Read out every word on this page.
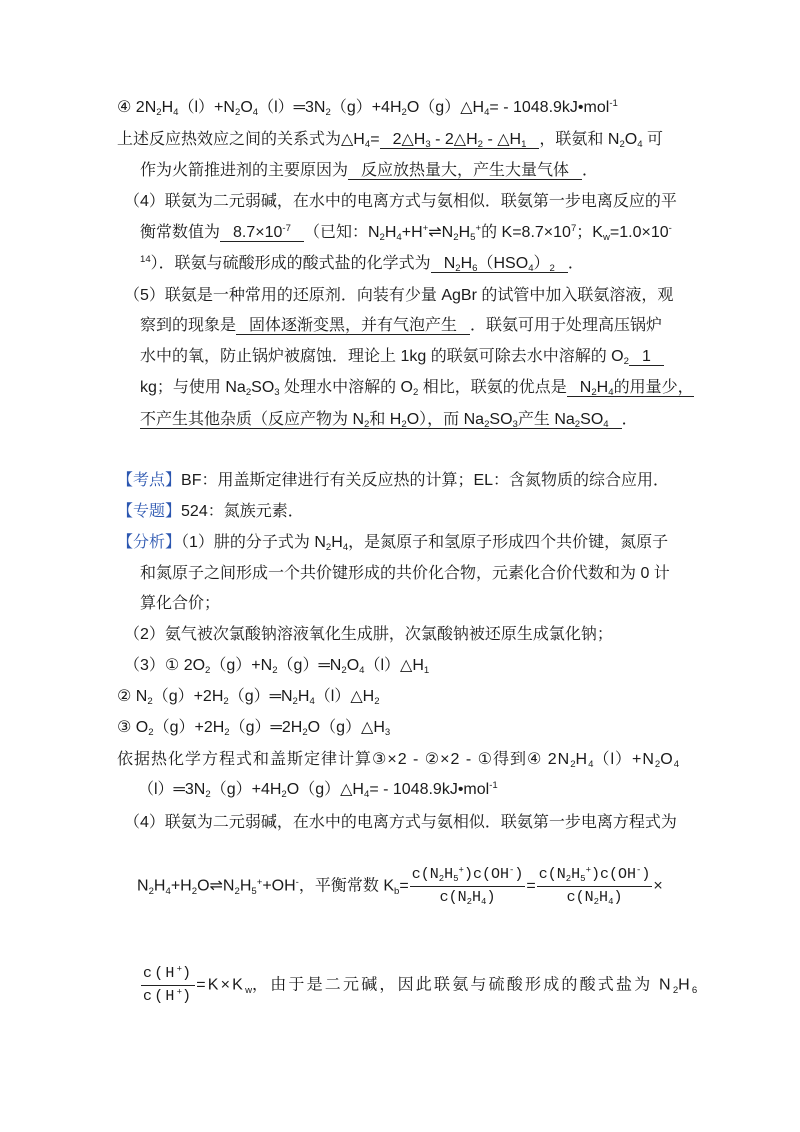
④ $2N_2H_4(l)+N_2O_4(l)═3N_2(g)+4H_2O(g)\triangle H_4=$ - 1048.9kJ•mol$^{-1}$
上述反应热效应之间的关系式为$\triangle H_4=$ $2\triangle H_3$ - $2\triangle H_2$ - $\triangle H_1$ ，联氨和 $N_2O_4$ 可
作为火箭推进剂的主要原因为 反应放热量大，产生大量气体 ．
（4）联氨为二元弱碱，在水中的电离方式与氨相似．联氨第一步电离反应的平
衡常数值为 $8.7\times 10^{-7}$ （已知：$N_2H_4+H^+\rightleftharpoons N_2H_5^+$的 $K=8.7\times 10^7$；$K_w=1.0\times 10^-$
$^{14}$）．联氨与硫酸形成的酸式盐的化学式为 $N_2H_6(HSO_4)_2$ ．
（5）联氨是一种常用的还原剂．向装有少量 AgBr 的试管中加入联氨溶液，观
察到的现象是 固体逐渐变黑，并有气泡产生 ．联氨可用于处理高压锅炉
水中的氧，防止锅炉被腐蚀．理论上 1kg 的联氨可除去水中溶解的 $O_2$ 1
kg；与使用 $Na_2SO_3$ 处理水中溶解的 $O_2$ 相比，联氨的优点是 $N_2H_4$的用量少，
不产生其他杂质（反应产物为 $N_2$和 $H_2O$），而 $Na_2SO_3$产生 $Na_2SO_4$ ．
【考点】BF：用盖斯定律进行有关反应热的计算；EL：含氮物质的综合应用．
【专题】524：氮族元素．
【分析】（1）肼的分子式为 $N_2H_4$，是氮原子和氢原子形成四个共价键，氮原子
和氮原子之间形成一个共价键形成的共价化合物，元素化合价代数和为 0 计
算化合价；
（2）氨气被次氯酸钠溶液氧化生成肼，次氯酸钠被还原生成氯化钠；
（3）① $2O_2(g)+N_2(g)═N_2O_4(l)\triangle H_1$
② $N_2(g)+2H_2(g)═N_2H_4(l)\triangle H_2$
③ $O_2(g)+2H_2(g)═2H_2O(g)\triangle H_3$
依据热化学方程式和盖斯定律计算③×2 - ②×2 - ①得到④ $2N_2H_4(l)+N_2O_4$
$(l)═3N_2(g)+4H_2O(g)\triangle H_4=$ - 1048.9kJ•mol$^{-1}$
（4）联氨为二元弱碱，在水中的电离方式与氨相似．联氨第一步电离方程式为
$N_2H_4+H_2O\rightleftharpoons N_2H_5^++OH^-$，平衡常数 $K_b= \frac{c(N_2H_5^+)c(OH^-)}{c(N_2H_4)} = \frac{c(N_2H_5^+)c(OH^-)}{c(N_2H_4)}$ ×
$\frac{c(H^+)}{c(H^+)} =K\times K_w$，由于是二元碱，因此联氨与硫酸形成的酸式盐为 $N_2H_6$
